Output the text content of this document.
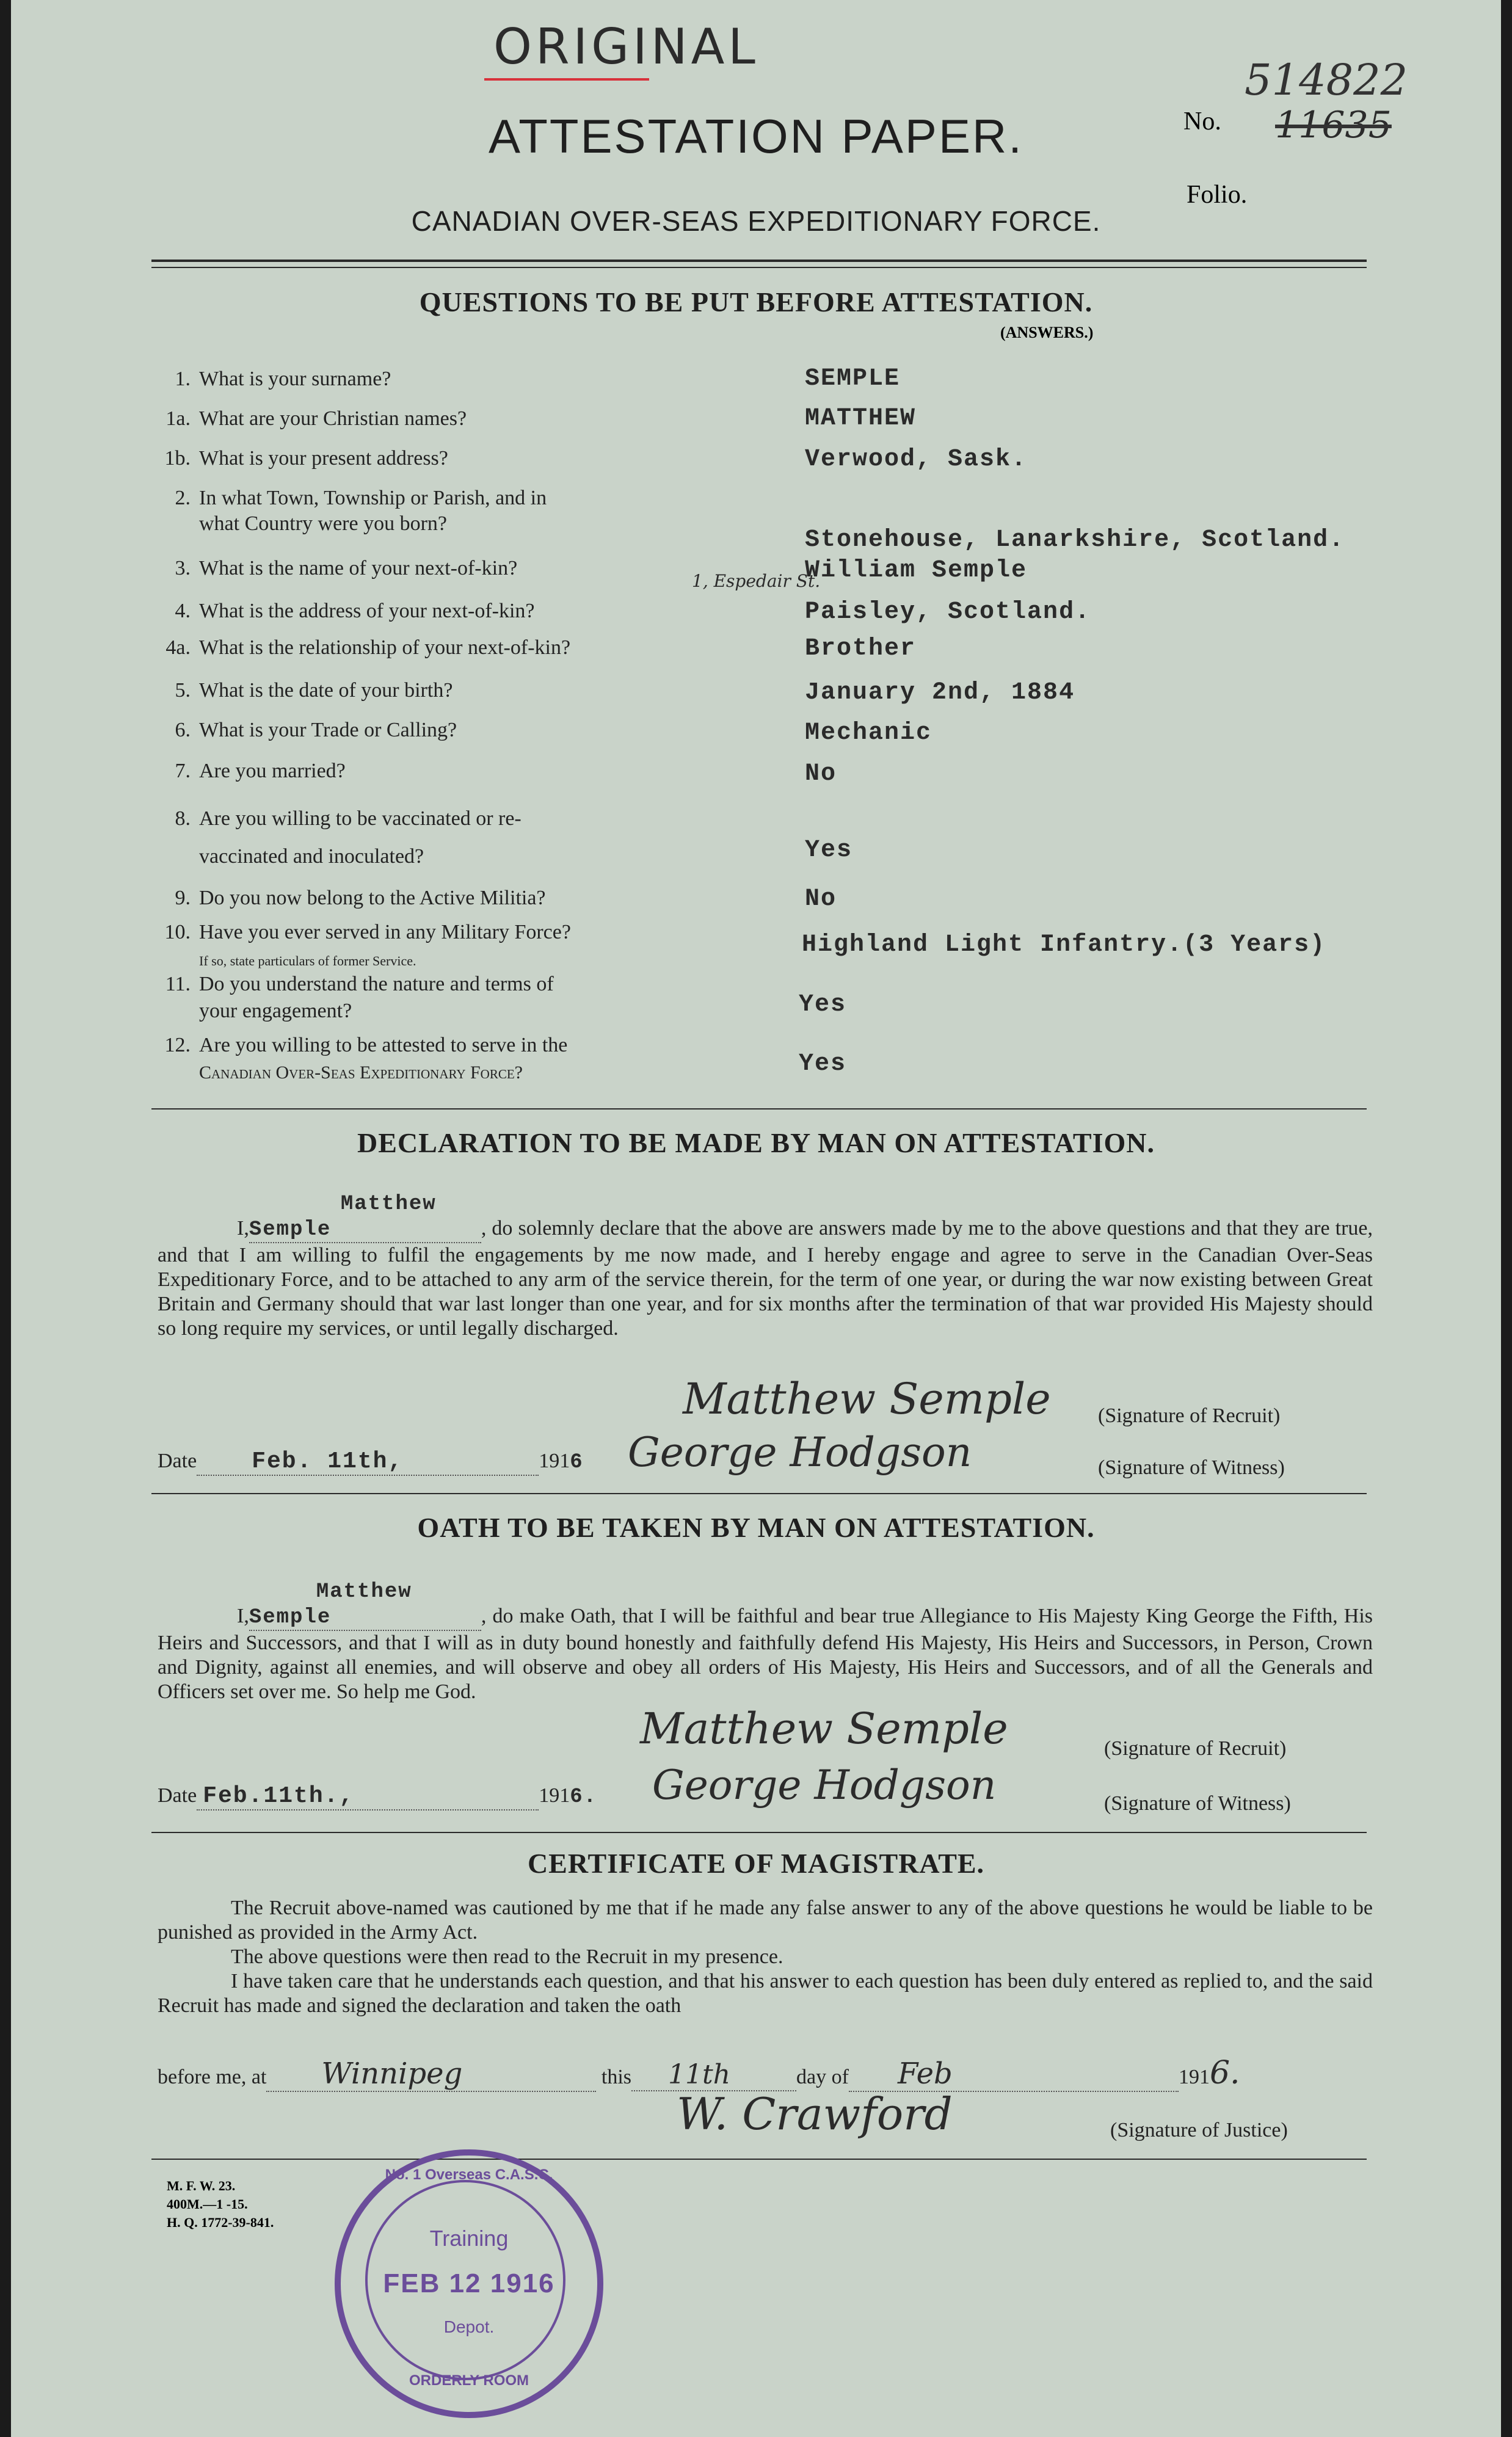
ORIGINAL
514822
No. 11635
Folio.
ATTESTATION PAPER.
CANADIAN OVER-SEAS EXPEDITIONARY FORCE.
QUESTIONS TO BE PUT BEFORE ATTESTATION.
(ANSWERS.)
1. What is your surname?	SEMPLE
1a. What are your Christian names?	MATTHEW
1b. What is your present address?	Verwood, Sask.
2. In what Town, Township or Parish, and in
what Country were you born?
Stonehouse, Lanarkshire, Scotland.
3. What is the name of your next-of-kin?	William Semple
4. What is the address of your next-of-kin?
1, Espedair St.
Paisley, Scotland.
4a. What is the relationship of your next-of-kin?	Brother
5. What is the date of your birth?	January 2nd, 1884
6. What is your Trade or Calling?	Mechanic
7. Are you married?	No
8. Are you willing to be vaccinated or re-
vaccinated and inoculated?	Yes
9. Do you now belong to the Active Militia?	No
10. Have you ever served in any Military Force?
If so, state particulars of former Service.
Highland Light Infantry.(3 Years)
11. Do you understand the nature and terms of
your engagement?	Yes
12. Are you willing to be attested to serve in the
Canadian Over-Seas Expeditionary Force?	Yes
DECLARATION TO BE MADE BY MAN ON ATTESTATION.
I,Matthew Semple	, do solemnly declare that the above are answers made by me to the above questions and that they are true, and that I am willing to fulfil the engagements by me now made, and I hereby engage and agree to serve in the Canadian Over-Seas Expeditionary Force, and to be attached to any arm of the service therein, for the term of one year, or during the war now existing between Great Britain and Germany should that war last longer than one year, and for six months after the termination of that war provided His Majesty should so long require my services, or until legally discharged.
Matthew Semple (Signature of Recruit)
Date Feb. 11th,	1916 George Hodgson	(Signature of Witness)
OATH TO BE TAKEN BY MAN ON ATTESTATION.
I,Matthew Semple	, do make Oath, that I will be faithful and bear true Allegiance to His Majesty King George the Fifth, His Heirs and Successors, and that I will as in duty bound honestly and faithfully defend His Majesty, His Heirs and Successors, in Person, Crown and Dignity, against all enemies, and will observe and obey all orders of His Majesty, His Heirs and Successors, and of all the Generals and Officers set over me. So help me God.
Matthew Semple	(Signature of Recruit)
Date Feb.11th.,	1916. George Hodgson	(Signature of Witness)
CERTIFICATE OF MAGISTRATE.
The Recruit above-named was cautioned by me that if he made any false answer to any of the above questions he would be liable to be punished as provided in the Army Act.
The above questions were then read to the Recruit in my presence.
I have taken care that he understands each question, and that his answer to each question has been duly entered as replied to, and the said Recruit has made and signed the declaration and taken the oath
before me, at Winnipeg	this 11th	day of Feb	1916.
W. Crawford	(Signature of Justice)
M. F. W. 23.
400M.—1 -15.
H. Q. 1772-39-841.
No. 1 Overseas C.A.S.C.
Training
FEB 12 1916
Depot.
ORDERLY ROOM
